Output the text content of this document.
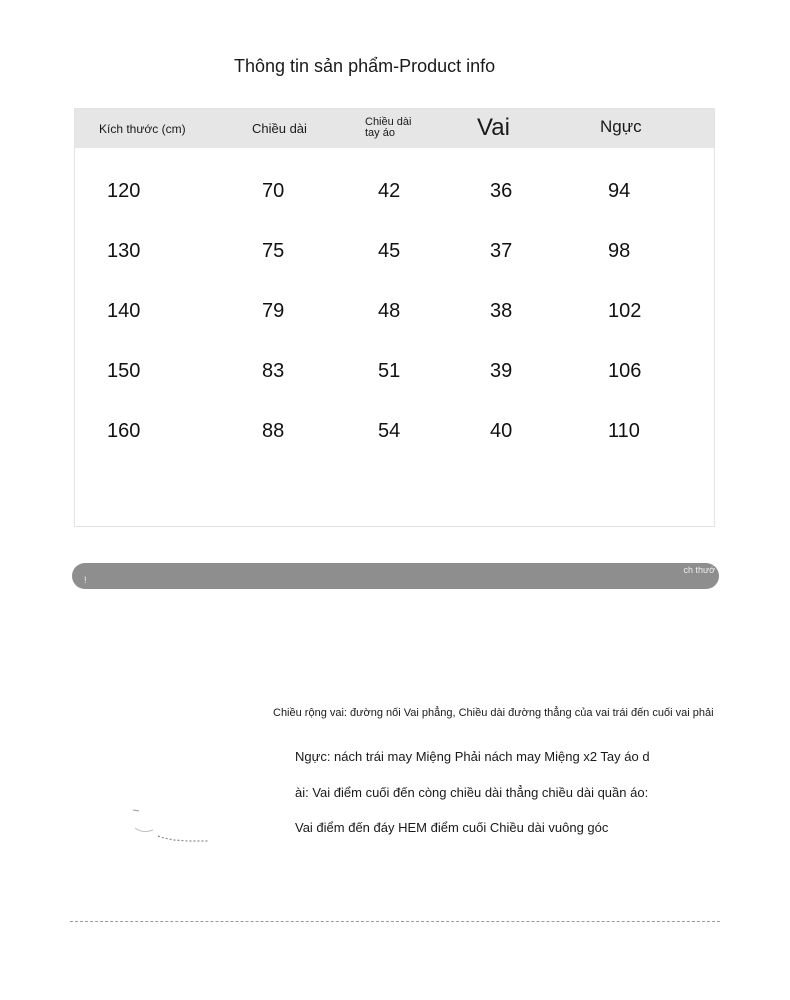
Thông tin sản phẩm-Product info
Kích thước (cm)	Chiều dài	Chiều dài tay áo	Vai	Ngực
120	70	42	36	94
130	75	45	37	98
140	79	48	38	102
150	83	51	39	106
160	88	54	40	110
!
ch thướ
Chiều rộng vai: đường nối Vai phẳng, Chiều dài đường thẳng của vai trái đến cuối vai phải
Ngực: nách trái may Miệng Phải nách may Miệng x2 Tay áo d
ài: Vai điểm cuối đến còng chiều dài thẳng chiều dài quần áo:
Vai điểm đến đáy HEM điểm cuối Chiều dài vuông góc
